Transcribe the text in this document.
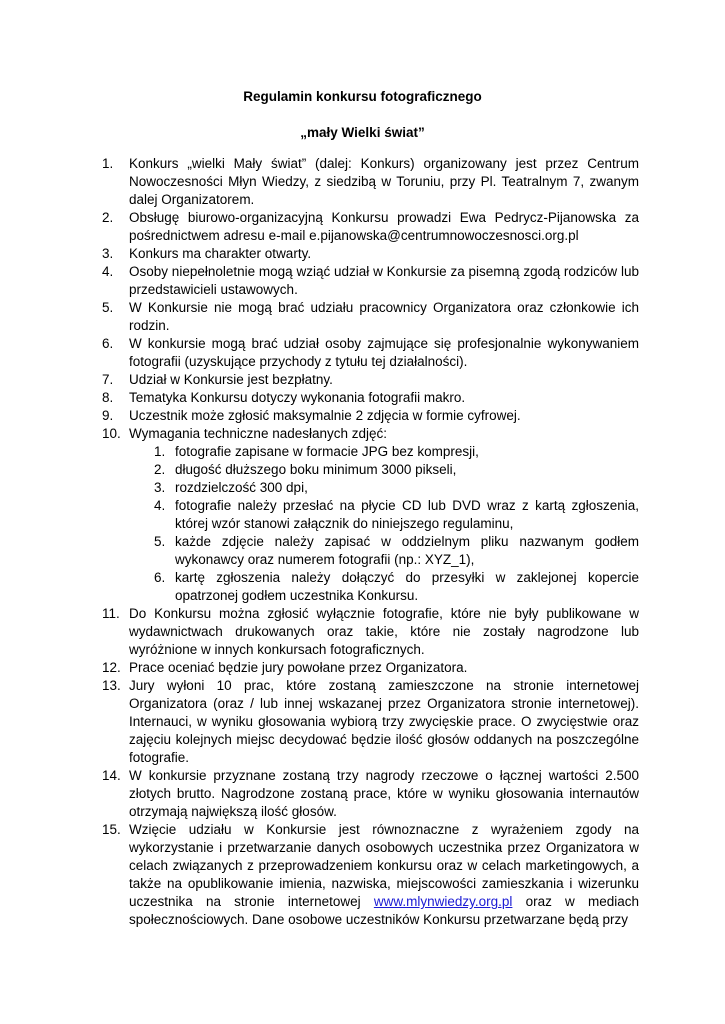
Regulamin konkursu fotograficznego
„mały Wielki świat”
1.	Konkurs „wielki Mały świat” (dalej: Konkurs) organizowany jest przez Centrum Nowoczesności Młyn Wiedzy, z siedzibą w Toruniu, przy Pl. Teatralnym 7, zwanym dalej Organizatorem.
2.	Obsługę biurowo-organizacyjną Konkursu prowadzi Ewa Pedrycz-Pijanowska za pośrednictwem adresu e-mail e.pijanowska@centrumnowoczesnosci.org.pl
3.	Konkurs ma charakter otwarty.
4.	Osoby niepełnoletnie mogą wziąć udział w Konkursie za pisemną zgodą rodziców lub przedstawicieli ustawowych.
5.	W Konkursie nie mogą brać udziału pracownicy Organizatora oraz członkowie ich rodzin.
6.	W konkursie mogą brać udział osoby zajmujące się profesjonalnie wykonywaniem fotografii (uzyskujące przychody z tytułu tej działalności).
7.	Udział w Konkursie jest bezpłatny.
8.	Tematyka Konkursu dotyczy wykonania fotografii makro.
9.	Uczestnik może zgłosić maksymalnie 2 zdjęcia w formie cyfrowej.
10. Wymagania techniczne nadesłanych zdjęć:
1. fotografie zapisane w formacie JPG bez kompresji,
2. długość dłuższego boku minimum 3000 pikseli,
3. rozdzielczość 300 dpi,
4. fotografie należy przesłać na płycie CD lub DVD wraz z kartą zgłoszenia, której wzór stanowi załącznik do niniejszego regulaminu,
5. każde zdjęcie należy zapisać w oddzielnym pliku nazwanym godłem wykonawcy oraz numerem fotografii (np.: XYZ_1),
6. kartę zgłoszenia należy dołączyć do przesyłki w zaklejonej kopercie opatrzonej godłem uczestnika Konkursu.
11. Do Konkursu można zgłosić wyłącznie fotografie, które nie były publikowane w wydawnictwach drukowanych oraz takie, które nie zostały nagrodzone lub wyróżnione w innych konkursach fotograficznych.
12. Prace oceniać będzie jury powołane przez Organizatora.
13. Jury wyłoni 10 prac, które zostaną zamieszczone na stronie internetowej Organizatora (oraz / lub innej wskazanej przez Organizatora stronie internetowej). Internauci, w wyniku głosowania wybiorą trzy zwycięskie prace. O zwycięstwie oraz zajęciu kolejnych miejsc decydować będzie ilość głosów oddanych na poszczególne fotografie.
14. W konkursie przyznane zostaną trzy nagrody rzeczowe o łącznej wartości 2.500 złotych brutto. Nagrodzone zostaną prace, które w wyniku głosowania internautów otrzymają największą ilość głosów.
15. Wzięcie udziału w Konkursie jest równoznaczne z wyrażeniem zgody na wykorzystanie i przetwarzanie danych osobowych uczestnika przez Organizatora w celach związanych z przeprowadzeniem konkursu oraz w celach marketingowych, a także na opublikowanie imienia, nazwiska, miejscowości zamieszkania i wizerunku uczestnika na stronie internetowej www.mlynwiedzy.org.pl oraz w mediach społecznościowych. Dane osobowe uczestników Konkursu przetwarzane będą przy
